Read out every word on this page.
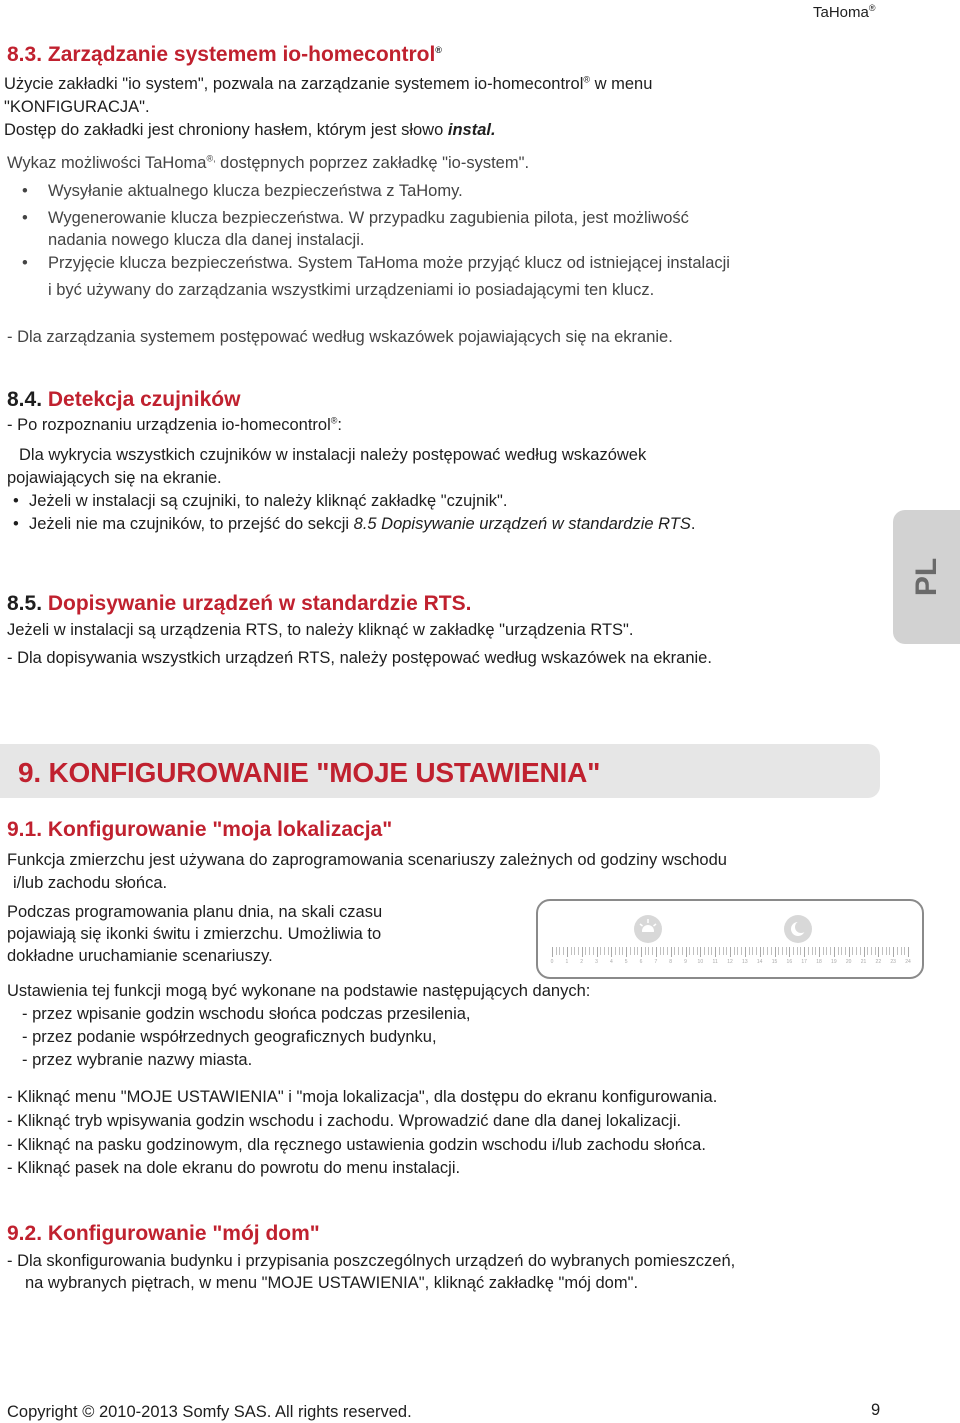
TaHoma®
8.3. Zarządzanie systemem io-homecontrol®
Użycie zakładki "io system", pozwala na zarządzanie systemem io-homecontrol® w menu
"KONFIGURACJA".
Dostęp do zakładki jest chroniony hasłem, którym jest słowo instal.
Wykaz możliwości TaHoma®, dostępnych poprzez zakładkę "io-system".
• Wysyłanie aktualnego klucza bezpieczeństwa z TaHomy.
• Wygenerowanie klucza bezpieczeństwa. W przypadku zagubienia pilota, jest możliwość
nadania nowego klucza dla danej instalacji.
• Przyjęcie klucza bezpieczeństwa. System TaHoma może przyjąć klucz od istniejącej instalacji
i być używany do zarządzania wszystkimi urządzeniami io posiadającymi ten klucz.
- Dla zarządzania systemem postępować według wskazówek pojawiających się na ekranie.
8.4. Detekcja czujników
- Po rozpoznaniu urządzenia io-homecontrol®:
Dla wykrycia wszystkich czujników w instalacji należy postępować według wskazówek
pojawiających się na ekranie.
• Jeżeli w instalacji są czujniki, to należy kliknąć zakładkę "czujnik".
• Jeżeli nie ma czujników, to przejść do sekcji 8.5 Dopisywanie urządzeń w standardzie RTS.
PL
8.5. Dopisywanie urządzeń w standardzie RTS.
Jeżeli w instalacji są urządzenia RTS, to należy kliknąć w zakładkę "urządzenia RTS".
- Dla dopisywania wszystkich urządzeń RTS, należy postępować według wskazówek na ekranie.
9. KONFIGUROWANIE "MOJE USTAWIENIA"
9.1. Konfigurowanie "moja lokalizacja"
Funkcja zmierzchu jest używana do zaprogramowania scenariuszy zależnych od godziny wschodu
i/lub zachodu słońca.
Podczas programowania planu dnia, na skali czasu
pojawiają się ikonki świtu i zmierzchu. Umożliwia to
dokładne uruchamianie scenariuszy.	0 1 2 3 4 5 6 7 8 9 10 11 12 13 14 15 16 17 18 19 20 21 22 23 24
Ustawienia tej funkcji mogą być wykonane na podstawie następujących danych:
- przez wpisanie godzin wschodu słońca podczas przesilenia,
- przez podanie współrzednych geograficznych budynku,
- przez wybranie nazwy miasta.
- Kliknąć menu "MOJE USTAWIENIA" i "moja lokalizacja", dla dostępu do ekranu konfigurowania.
- Kliknąć tryb wpisywania godzin wschodu i zachodu. Wprowadzić dane dla danej lokalizacji.
- Kliknąć na pasku godzinowym, dla ręcznego ustawienia godzin wschodu i/lub zachodu słońca.
- Kliknąć pasek na dole ekranu do powrotu do menu instalacji.
9.2. Konfigurowanie "mój dom"
- Dla skonfigurowania budynku i przypisania poszczególnych urządzeń do wybranych pomieszczeń,
na wybranych piętrach, w menu "MOJE USTAWIENIA", kliknąć zakładkę "mój dom".
Copyright © 2010-2013 Somfy SAS. All rights reserved.	9
